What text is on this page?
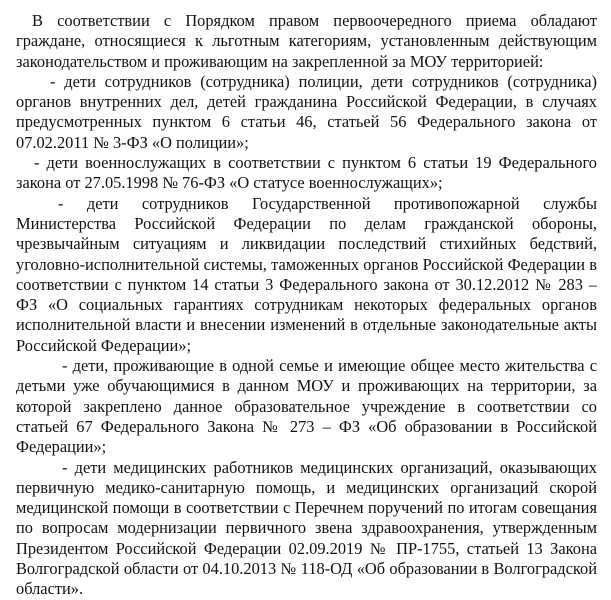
В соответствии с Порядком правом первоочередного приема обладают граждане, относящиеся к льготным категориям, установленным действующим законодательством и проживающим на закрепленной за МОУ территорией:

- дети сотрудников (сотрудника) полиции, дети сотрудников (сотрудника) органов внутренних дел, детей гражданина Российской Федерации, в случаях предусмотренных пунктом 6 статьи 46, статьей 56 Федерального закона от 07.02.2011 № 3-ФЗ «О полиции»;

- дети военнослужащих в соответствии с пунктом 6 статьи 19 Федерального закона от 27.05.1998 № 76-ФЗ «О статусе военнослужащих»;

- дети сотрудников Государственной противопожарной службы Министерства Российской Федерации по делам гражданской обороны, чрезвычайным ситуациям и ликвидации последствий стихийных бедствий, уголовно-исполнительной системы, таможенных органов Российской Федерации в соответствии с пунктом 14 статьи 3 Федерального закона от 30.12.2012 № 283 – ФЗ «О социальных гарантиях сотрудникам некоторых федеральных органов исполнительной власти и внесении изменений в отдельные законодательные акты Российской Федерации»;

- дети, проживающие в одной семье и имеющие общее место жительства с детьми уже обучающимися в данном МОУ и проживающих на территории, за которой закреплено данное образовательное учреждение в соответствии со статьей 67 Федерального Закона № 273 – ФЗ «Об образовании в Российской Федерации»;

- дети медицинских работников медицинских организаций, оказывающих первичную медико-санитарную помощь, и медицинских организаций скорой медицинской помощи в соответствии с Перечнем поручений по итогам совещания по вопросам модернизации первичного звена здравоохранения, утвержденным Президентом Российской Федерации 02.09.2019 № ПР-1755, статьей 13 Закона Волгоградской области от 04.10.2013 № 118-ОД «Об образовании в Волгоградской области».
